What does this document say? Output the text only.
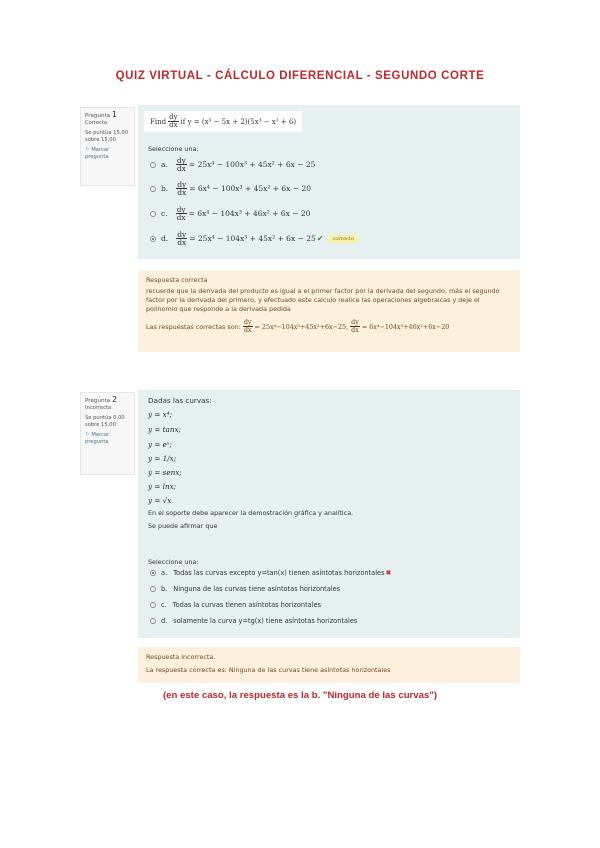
QUIZ VIRTUAL - CÁLCULO DIFERENCIAL - SEGUNDO CORTE
Pregunta 1
Correcta
Se puntúa 15,00 sobre 15,00
⚐ Marcar pregunta
Find $\frac{dy}{dx}$ if y = (x³ − 5x + 2)(5x³ − x² + 6)
Seleccione una:
a. $\frac{dy}{dx} = 25x^4 - 100x^3 + 45x^2 + 6x - 25$
b. $\frac{dy}{dx} = 6x^4 - 100x^3 + 45x^2 + 6x - 20$
c. $\frac{dy}{dx} = 6x^4 - 104x^3 + 46x^2 + 6x - 20$
d. $\frac{dy}{dx} = 25x^4 - 104x^3 + 45x^2 + 6x - 25$ ✔	correcto
Respuesta correcta
recuerde que la derivada del producto es igual a el primer factor por la derivada del segundo, más el segundo factor por la derivada del primero, y efectuado este calculo realice las operaciones algebraicas y deje el polinomio que responde a la derivada pedida
Las respuestas correctas son: $\frac{dy}{dx} = 25x^4-104x^3+45x^2+6x-25$, $\frac{dy}{dx} = 6x^4-104x^3+46x^2+6x-20$
Pregunta 2
Incorrecta
Se puntúa 0,00 sobre 15,00
⚐ Marcar pregunta
Dadas las curvas:
y = x⁴;
y = tanx;
y = eˣ;
y = 1/x;
y = senx;
y = lnx;
y = √x
En el soporte debe aparecer la demostración gráfica y analítica.
Se puede afirmar que
Seleccione una:
a. Todas las curvas excepto y=tan(x) tienen asíntotas horizontales ✖
b. Ninguna de las curvas tiene asíntotas horizontales
c. Todas la curvas tienen asíntotas horizontales
d. solamente la curva y=tg(x) tiene asíntotas horizontales
Respuesta incorrecta.
La respuesta correcta es: Ninguna de las curvas tiene asíntotas horizontales
(en este caso, la respuesta es la b. "Ninguna de las curvas")
